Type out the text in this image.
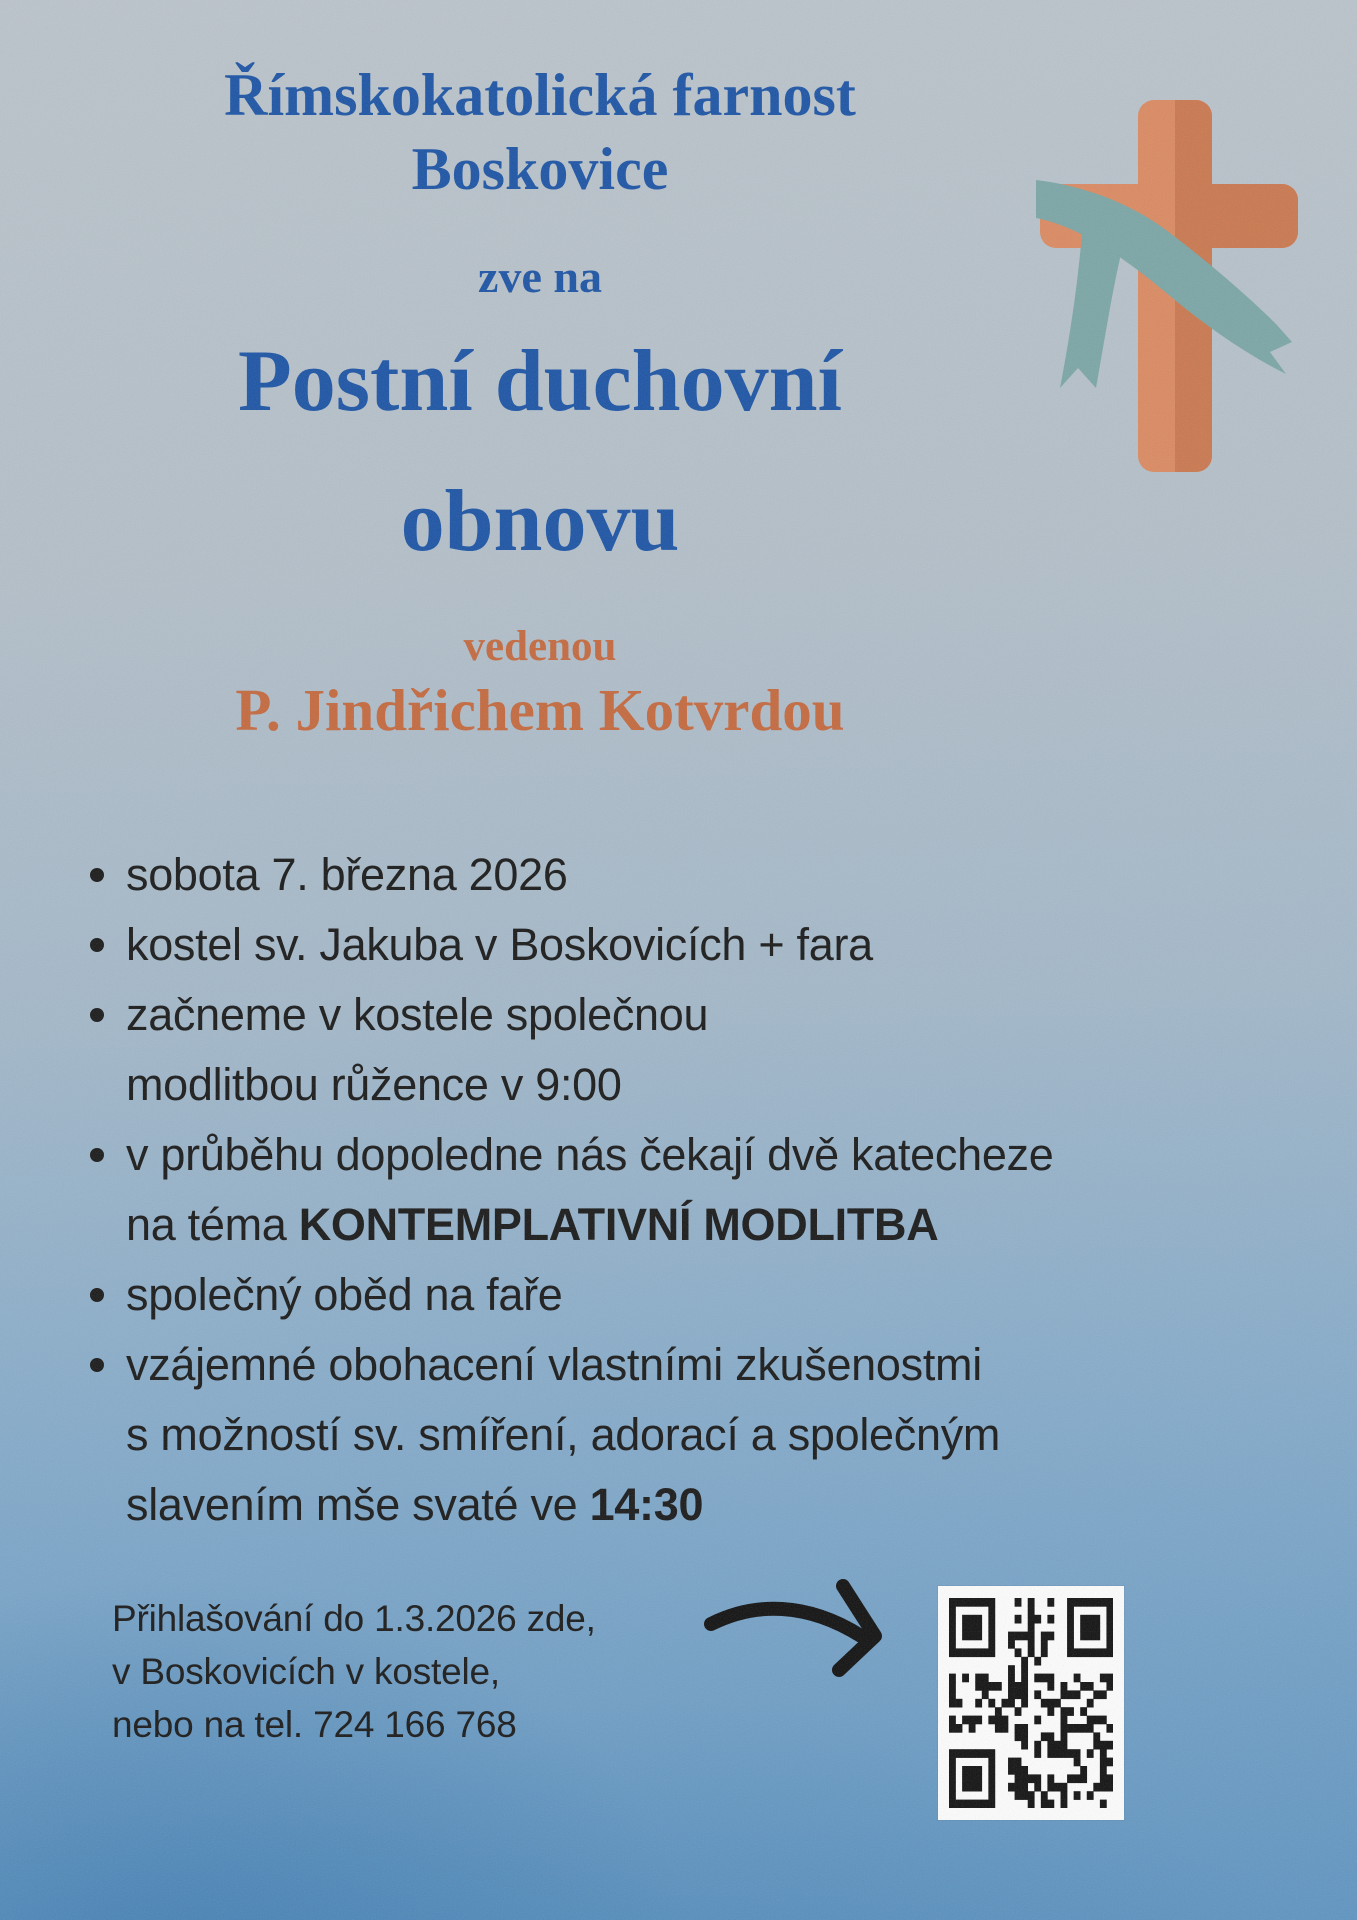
Římskokatolická farnost
Boskovice
zve na
Postní duchovní
obnovu
vedenou
P. Jindřichem Kotvrdou
sobota 7. března 2026
kostel sv. Jakuba v Boskovicích + fara
začneme v kostele společnou
modlitbou růžence v 9:00
v průběhu dopoledne nás čekají dvě katecheze
na téma KONTEMPLATIVNÍ MODLITBA
společný oběd na faře
vzájemné obohacení vlastními zkušenostmi
s možností sv. smíření, adorací a společným
slavením mše svaté ve 14:30
Přihlašování do 1.3.2026 zde,
v Boskovicích v kostele,
nebo na tel. 724 166 768
